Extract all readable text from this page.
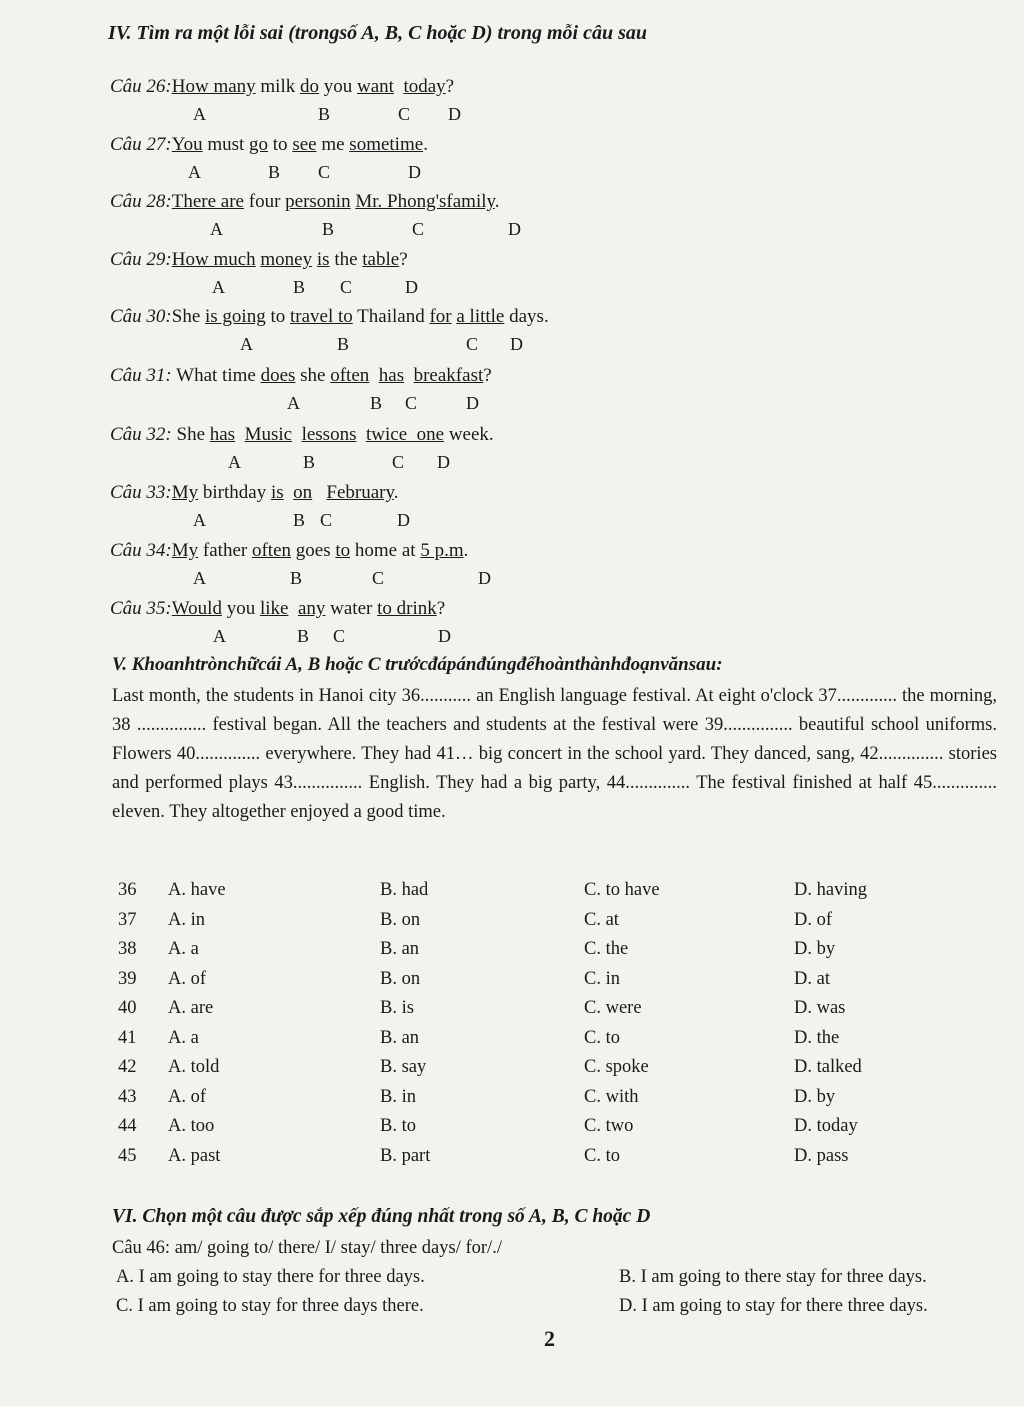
IV. Tìm ra một lỗi sai (trongsố A, B, C hoặc D) trong mỗi câu sau
Câu 26:How many milk do you want today?
A	B	C D
Câu 27:You must go to see me sometime.
A	B C	D
Câu 28:There are four personin Mr. Phong'sfamily.
A	B	C	D
Câu 29:How much money is the table?
A	B C	D
Câu 30:She is going to travel to Thailand for a little days.
A	B	C D
Câu 31: What time does she often has breakfast?
A	B C	D
Câu 32: She has Music lessons twice  one week.
A	B	C D
Câu 33:My birthday is on February.
A	B C	D
Câu 34:My father often goes to home at 5 p.m.
A	B	C	D
Câu 35:Would you like any water to drink?
A	B C	D
V. Khoanhtrònchữcái A, B hoặc C trướcđápánđúngđểhoànthànhđoạnvănsau:
Last month, the students in Hanoi city 36........... an English language festival. At eight o'clock 37............. the morning, 38 ............... festival began. All the teachers and students at the festival were 39............... beautiful school uniforms. Flowers 40.............. everywhere. They had 41… big concert in the school yard. They danced, sang, 42.............. stories and performed plays 43............... English. They had a big party, 44.............. The festival finished at half 45.............. eleven. They altogether enjoyed a good time.
36 A. have	B. had	C. to have	D. having
37 A. in	B. on	C. at	D. of
38 A. a	B. an	C. the	D. by
39 A. of	B. on	C. in	D. at
40 A. are	B. is	C. were	D. was
41 A. a	B. an	C. to	D. the
42 A. told	B. say	C. spoke	D. talked
43 A. of	B. in	C. with	D. by
44 A. too	B. to	C. two	D. today
45 A. past	B. part	C. to	D. pass
VI. Chọn một câu được sắp xếp đúng nhất trong số A, B, C hoặc D
Câu 46: am/ going to/ there/ I/ stay/ three days/ for/./
A. I am going to stay there for three days.	B. I am going to there stay for three days.
C. I am going to stay for three days there.	D. I am going to stay for there three days.
2
